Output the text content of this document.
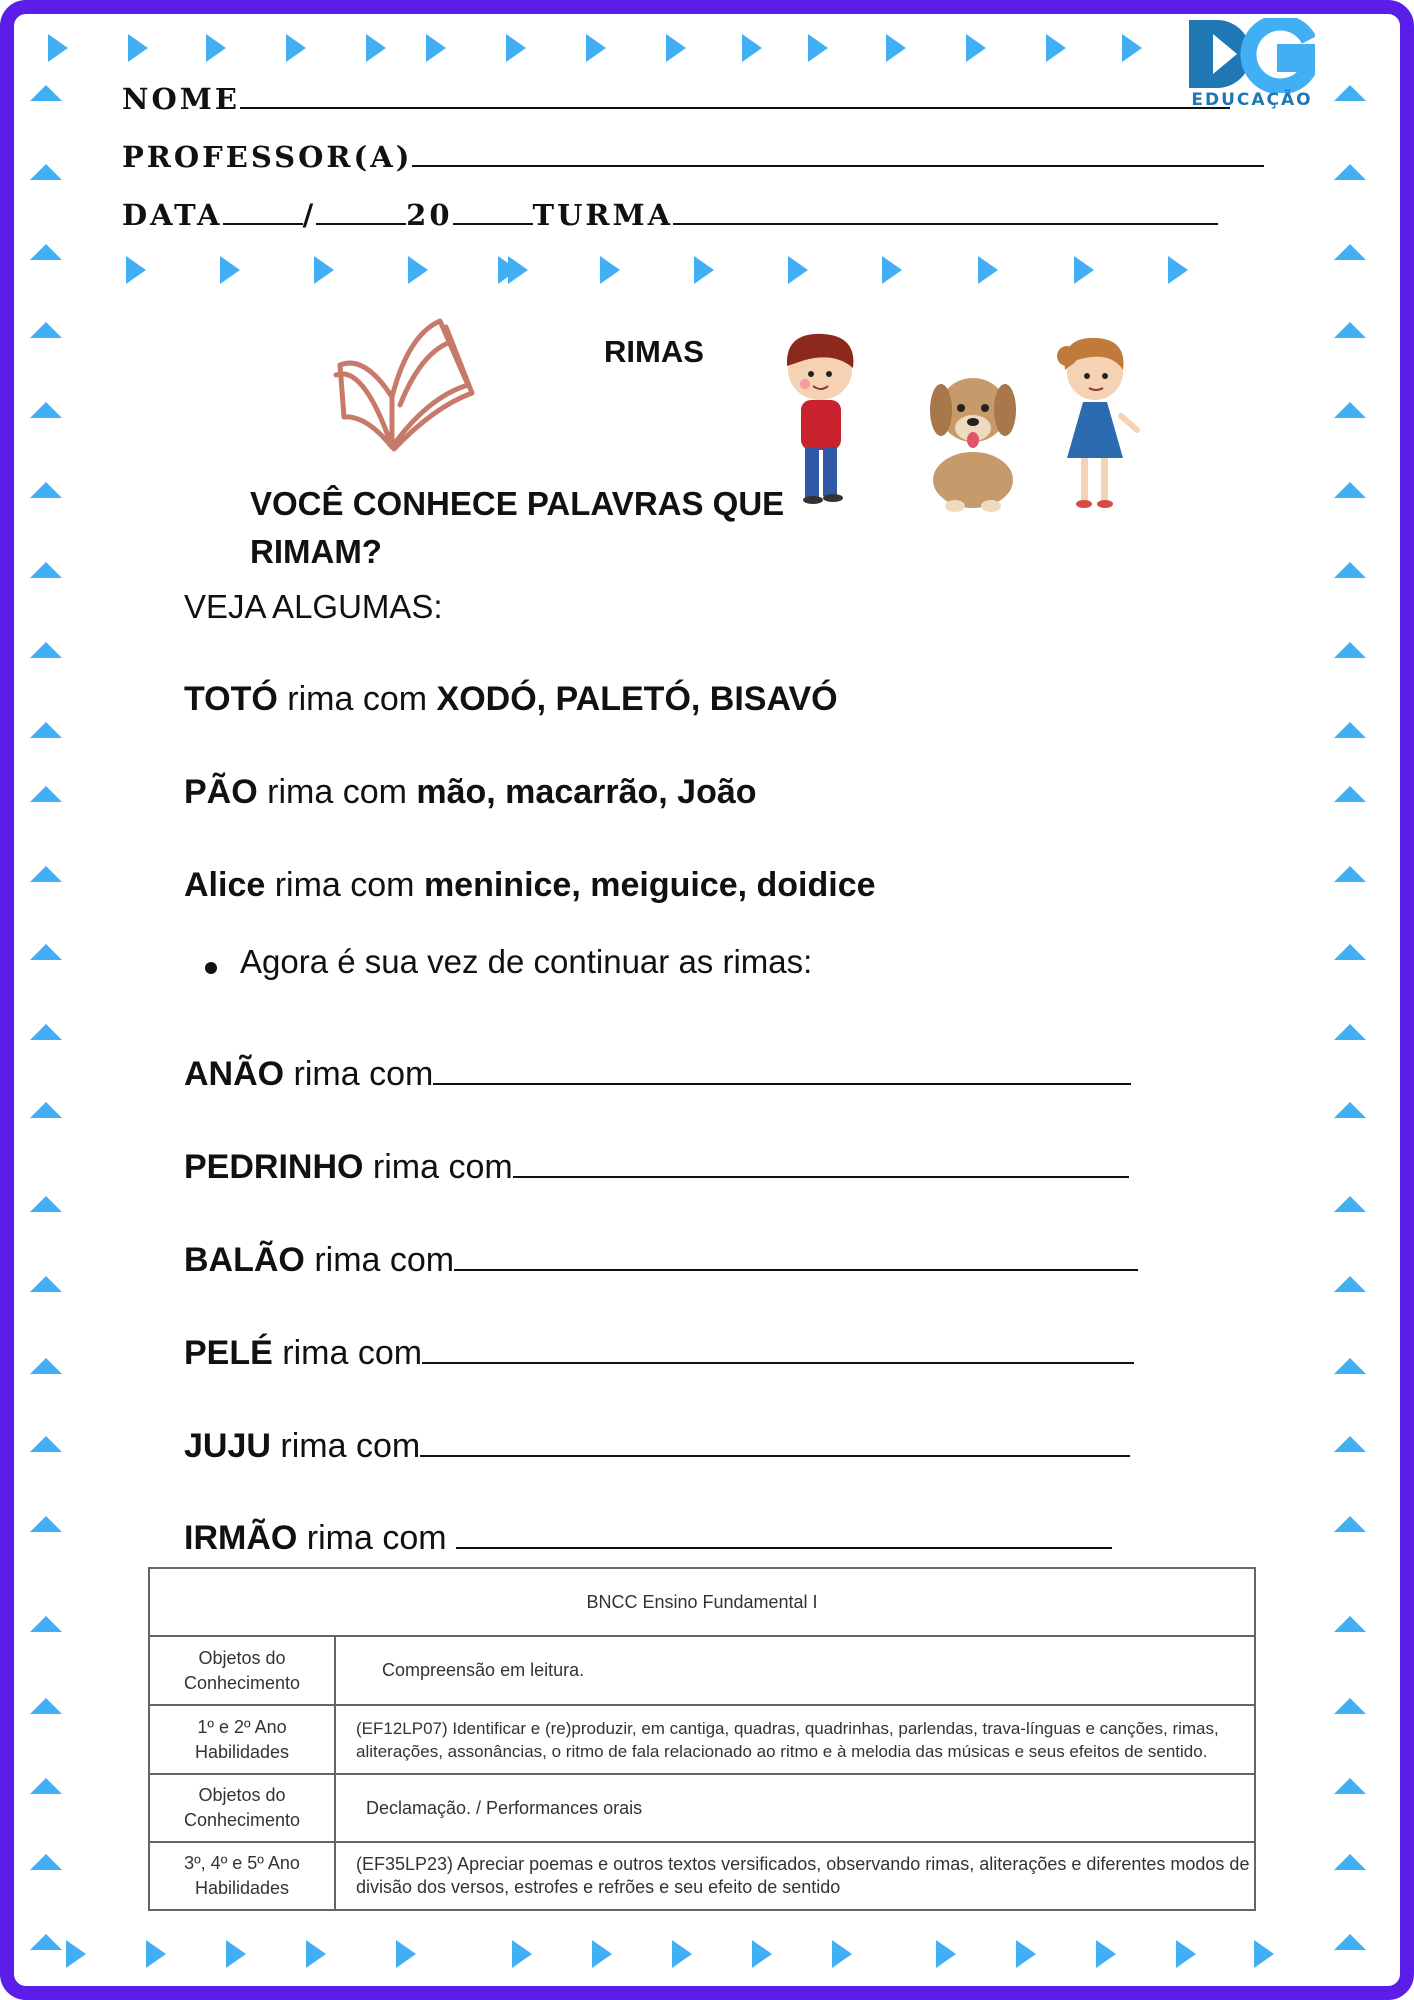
EDUCAÇÃO
NOME
PROFESSOR(A)
DATA	/	20	TURMA
RIMAS
VOCÊ CONHECE PALAVRAS QUE RIMAM?
VEJA ALGUMAS:
TOTÓ rima com XODÓ, PALETÓ, BISAVÓ
PÃO rima com mão, macarrão, João
Alice rima com meninice, meiguice, doidice
Agora é sua vez de continuar as rimas:
ANÃO rima com
PEDRINHO rima com
BALÃO rima com
PELÉ rima com
JUJU rima com
IRMÃO rima com
BNCC Ensino Fundamental I	
Objetos do Conhecimento	Compreensão em leitura.
1º e 2º Ano Habilidades	(EF12LP07) Identificar e (re)produzir, em cantiga, quadras, quadrinhas, parlendas, trava-línguas e canções, rimas, aliterações, assonâncias, o ritmo de fala relacionado ao ritmo e à melodia das músicas e seus efeitos de sentido.
Objetos do Conhecimento	Declamação. / Performances orais
3º, 4º e 5º Ano Habilidades	(EF35LP23) Apreciar poemas e outros textos versificados, observando rimas, aliterações e diferentes modos de divisão dos versos, estrofes e refrões e seu efeito de sentido
